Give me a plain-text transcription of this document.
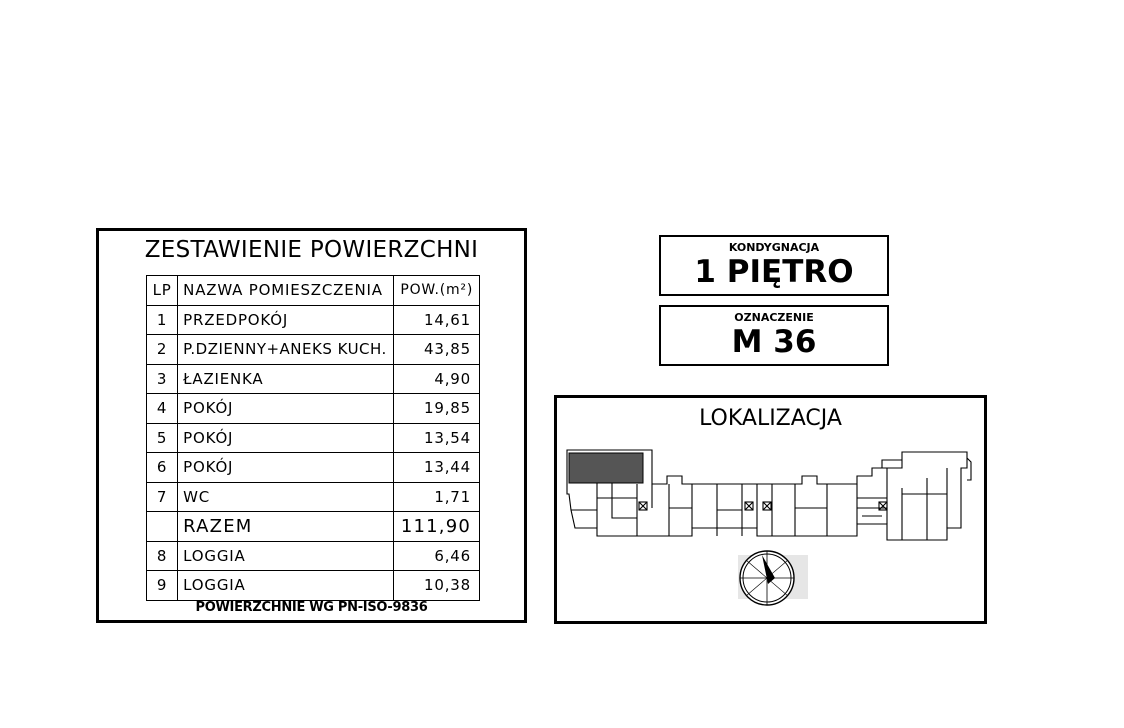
ZESTAWIENIE POWIERZCHNI
LP	NAZWA POMIESZCZENIA	POW.(m²)
1	PRZEDPOKÓJ	14,61
2	P.DZIENNY+ANEKS KUCH.	43,85
3	ŁAZIENKA	4,90
4	POKÓJ	19,85
5	POKÓJ	13,54
6	POKÓJ	13,44
7	WC	1,71
	RAZEM	111,90
8	LOGGIA	6,46
9	LOGGIA	10,38
POWIERZCHNIE WG PN-ISO-9836
KONDYGNACJA
1 PIĘTRO
OZNACZENIE
M 36
LOKALIZACJA
